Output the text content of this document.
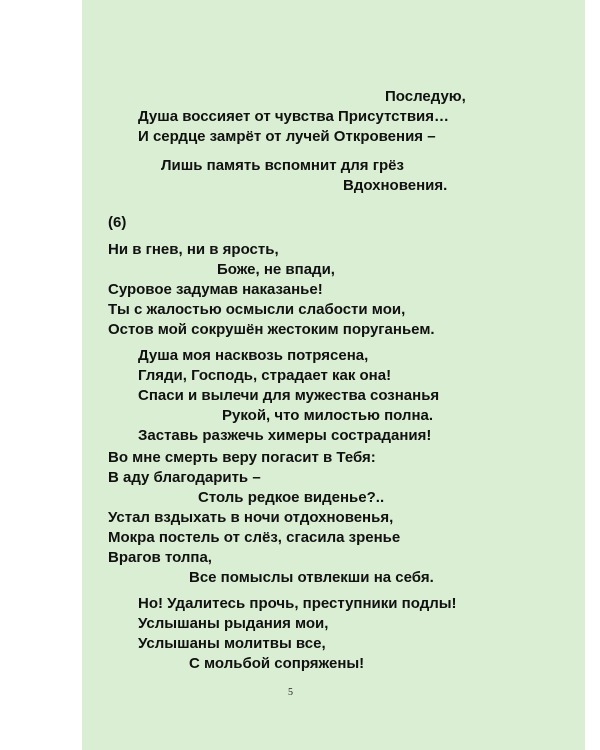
Последую,
Душа воссияет от чувства Присутствия…
И сердце замрёт от лучей Откровения –
Лишь память вспомнит для грёз
Вдохновения.
(6)
Ни в гнев, ни в ярость,
Боже, не впади,
Суровое задумав наказанье!
Ты с жалостью осмысли слабости мои,
Остов мой сокрушён жестоким поруганьем.
Душа моя насквозь потрясена,
Гляди, Господь, страдает как она!
Спаси и вылечи для мужества сознанья
Рукой, что милостью полна.
Заставь разжечь химеры сострадания!
Во мне смерть веру погасит в Тебя:
В аду благодарить –
Столь редкое виденье?..
Устал вздыхать в ночи отдохновенья,
Мокра постель от слёз, сгасила зренье
Врагов толпа,
Все помыслы отвлекши на себя.
Но! Удалитесь прочь, преступники подлы!
Услышаны рыдания мои,
Услышаны молитвы все,
С мольбой сопряжены!
5
